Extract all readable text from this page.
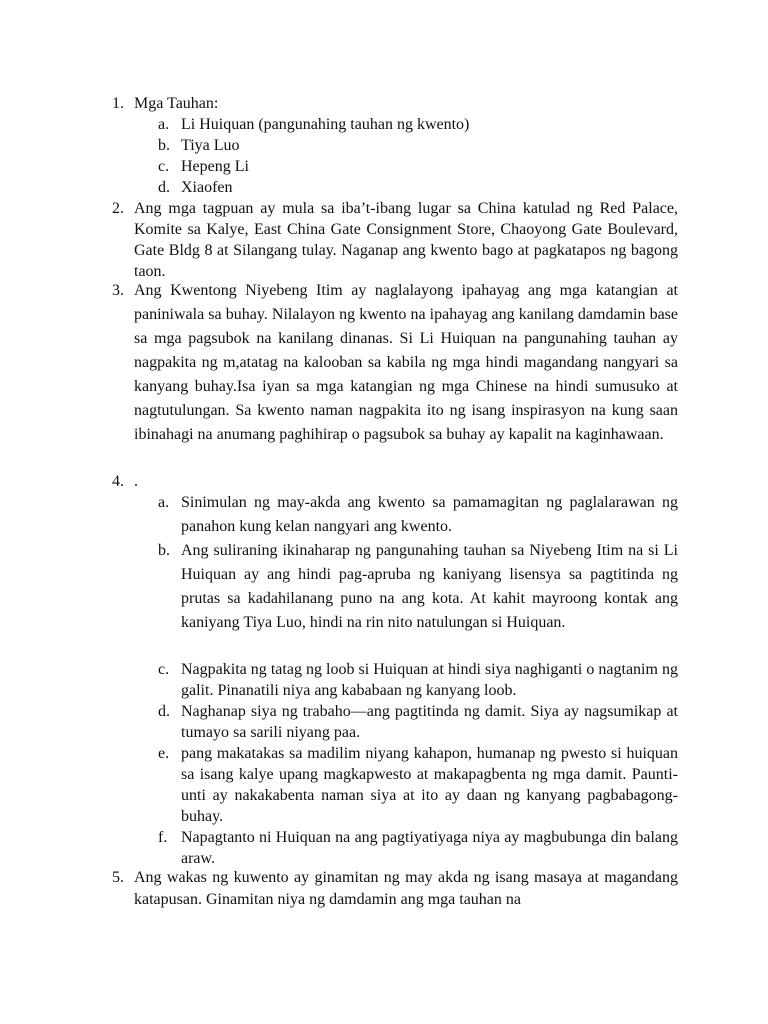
1. Mga Tauhan:
a. Li Huiquan (pangunahing tauhan ng kwento)
b. Tiya Luo
c. Hepeng Li
d. Xiaofen
2. Ang mga tagpuan ay mula sa iba’t-ibang lugar sa China katulad ng Red Palace, Komite sa Kalye, East China Gate Consignment Store, Chaoyong Gate Boulevard, Gate Bldg 8 at Silangang tulay. Naganap ang kwento bago at pagkatapos ng bagong taon.
3. Ang Kwentong Niyebeng Itim ay naglalayong ipahayag ang mga katangian at paniniwala sa buhay. Nilalayon ng kwento na ipahayag ang kanilang damdamin base sa mga pagsubok na kanilang dinanas. Si Li Huiquan na pangunahing tauhan ay nagpakita ng m,atatag na kalooban sa kabila ng mga hindi magandang nangyari sa kanyang buhay.Isa iyan sa mga katangian ng mga Chinese na hindi sumusuko at nagtutulungan. Sa kwento naman nagpakita ito ng isang inspirasyon na kung saan ibinahagi na anumang paghihirap o pagsubok sa buhay ay kapalit na kaginhawaan.
4. .
a. Sinimulan ng may-akda ang kwento sa pamamagitan ng paglalarawan ng panahon kung kelan nangyari ang kwento.
b. Ang suliraning ikinaharap ng pangunahing tauhan sa Niyebeng Itim na si Li Huiquan ay ang hindi pag-apruba ng kaniyang lisensya sa pagtitinda ng prutas sa kadahilanang puno na ang kota. At kahit mayroong kontak ang kaniyang Tiya Luo, hindi na rin nito natulungan si Huiquan.
c. Nagpakita ng tatag ng loob si Huiquan at hindi siya naghiganti o nagtanim ng galit. Pinanatili niya ang kababaan ng kanyang loob.
d. Naghanap siya ng trabaho—ang pagtitinda ng damit. Siya ay nagsumikap at tumayo sa sarili niyang paa.
e. pang makatakas sa madilim niyang kahapon, humanap ng pwesto si huiquan sa isang kalye upang magkapwesto at makapagbenta ng mga damit. Paunti-unti ay nakakabenta naman siya at ito ay daan ng kanyang pagbabagong-buhay.
f. Napagtanto ni Huiquan na ang pagtiyatiyaga niya ay magbubunga din balang araw.
5. Ang wakas ng kuwento ay ginamitan ng may akda ng isang masaya at magandang katapusan. Ginamitan niya ng damdamin ang mga tauhan na
